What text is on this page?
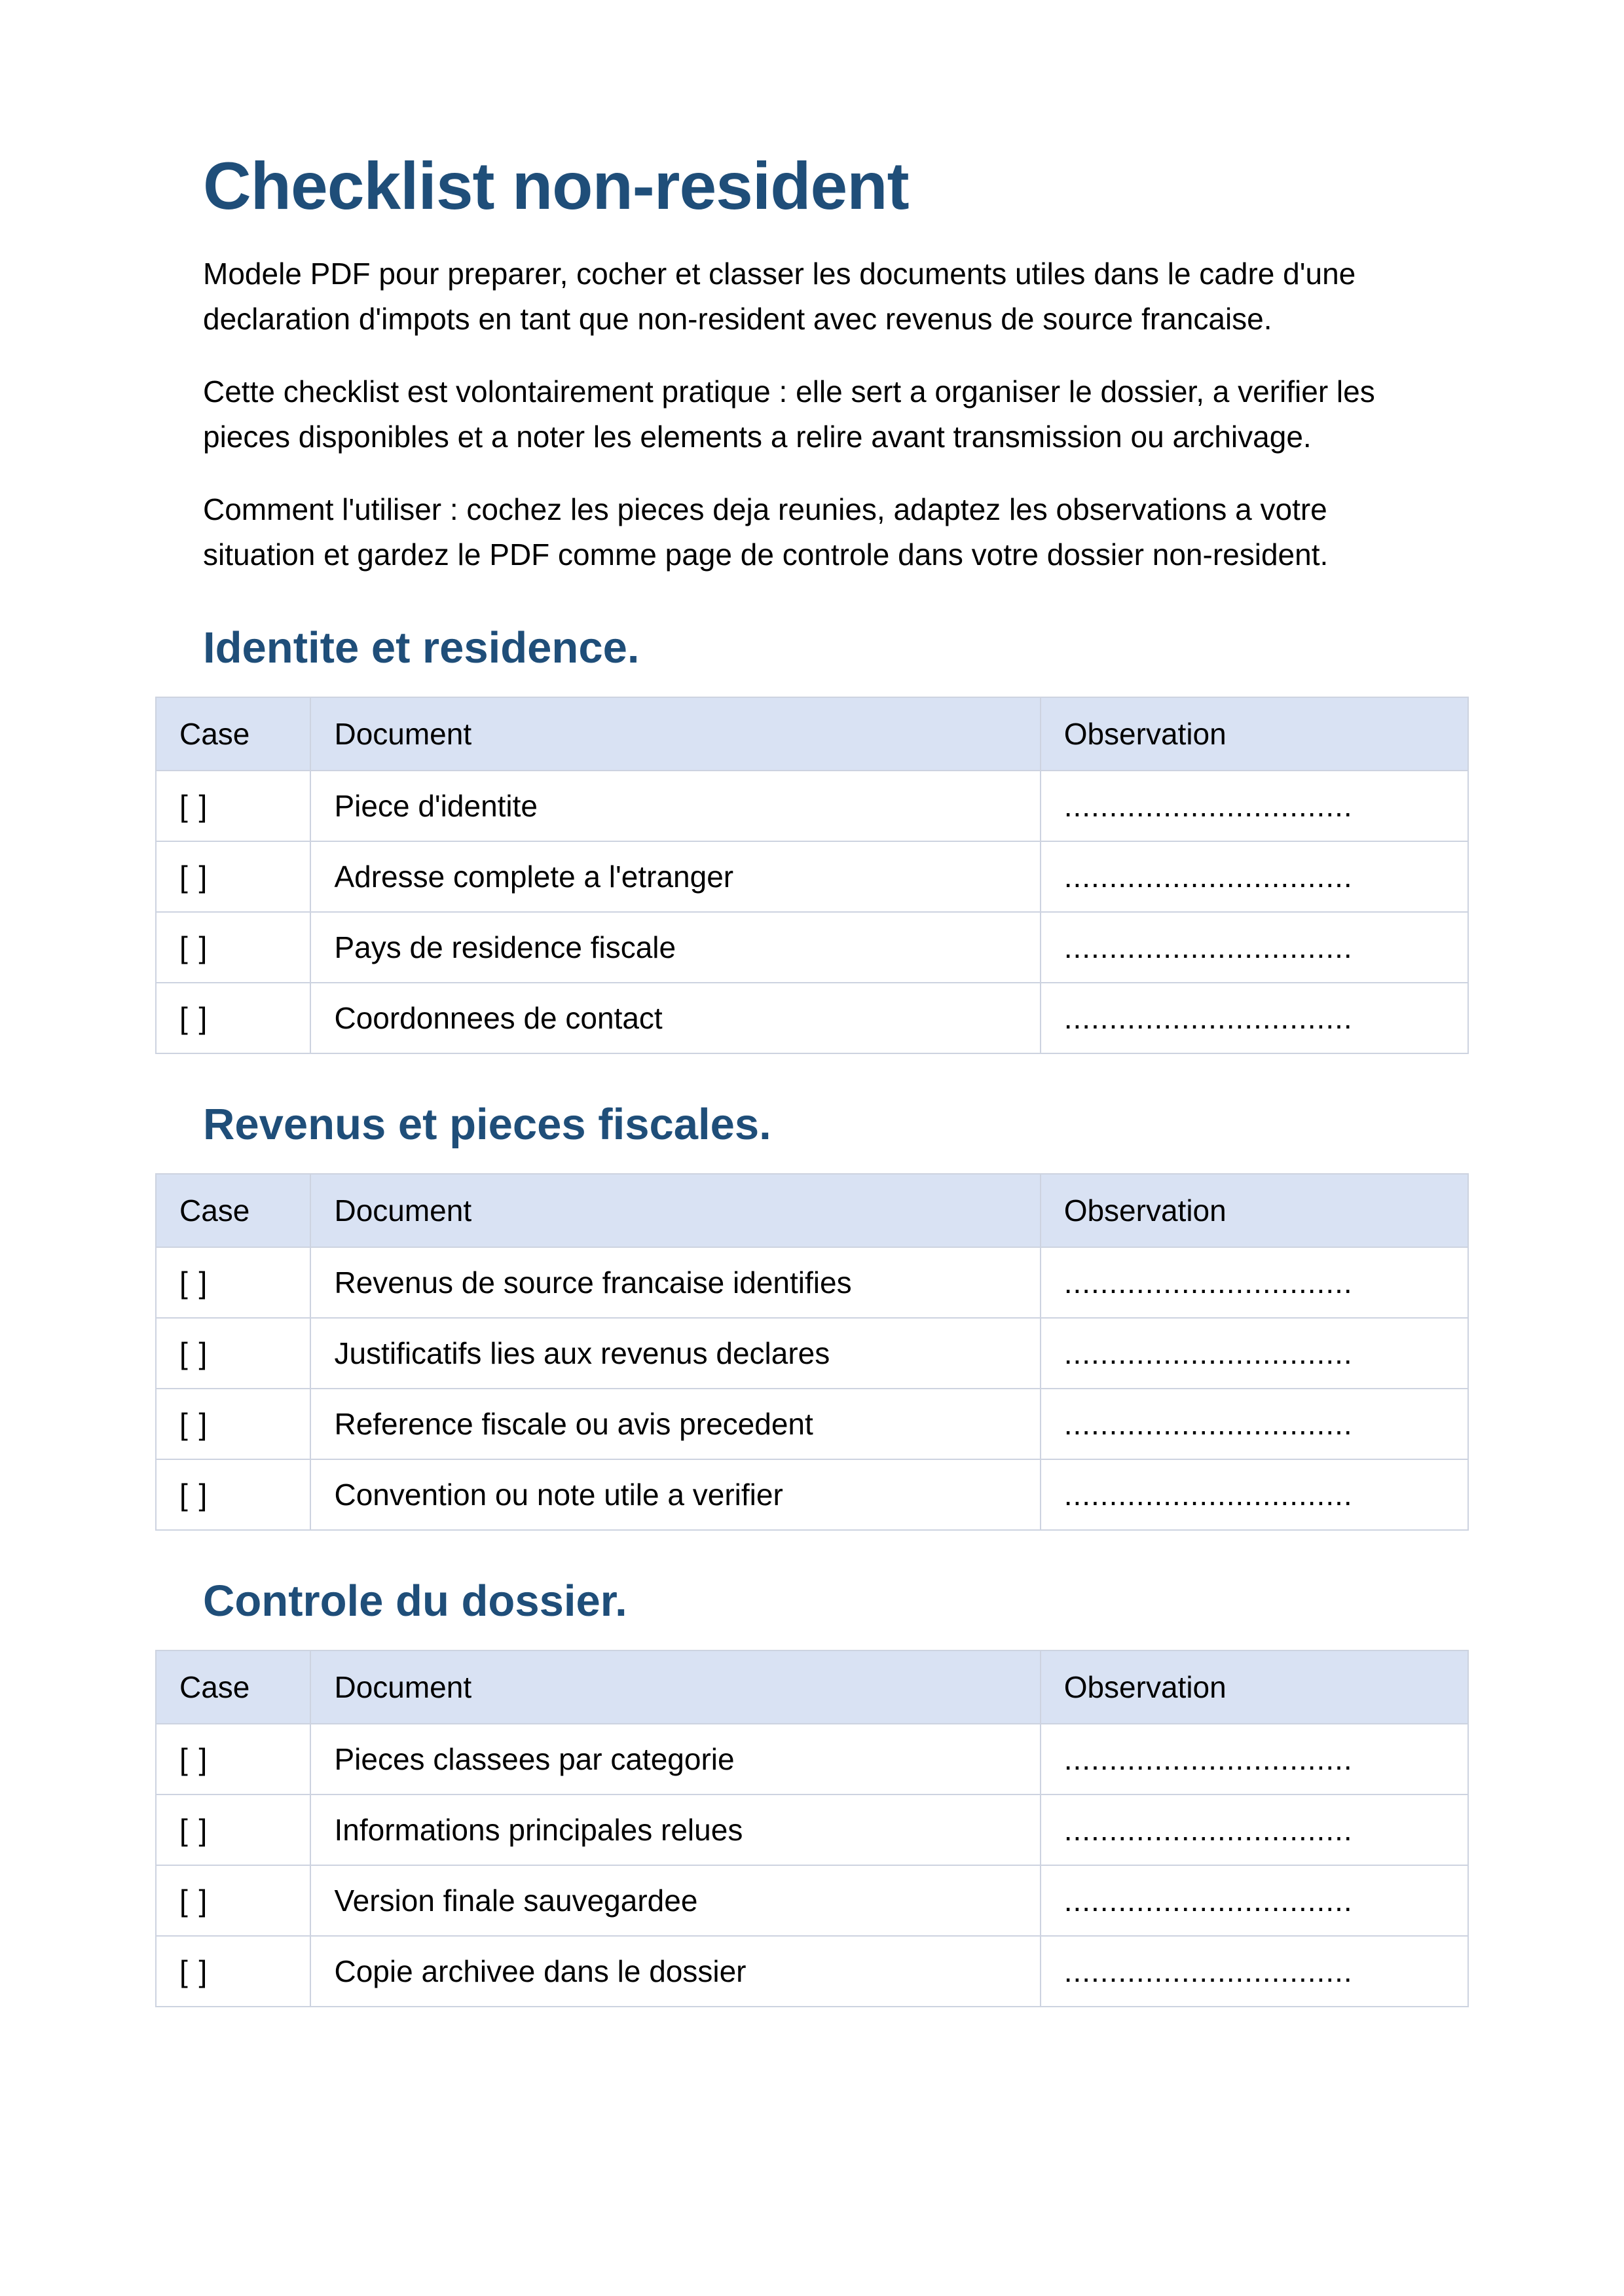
Checklist non-resident

Modele PDF pour preparer, cocher et classer les documents utiles dans le cadre d'une declaration d'impots en tant que non-resident avec revenus de source francaise.

Cette checklist est volontairement pratique : elle sert a organiser le dossier, a verifier les pieces disponibles et a noter les elements a relire avant transmission ou archivage.

Comment l'utiliser : cochez les pieces deja reunies, adaptez les observations a votre situation et gardez le PDF comme page de controle dans votre dossier non-resident.

Identite et residence.
Case	Document	Observation
[ ]	Piece d'identite	................................
[ ]	Adresse complete a l'etranger	................................
[ ]	Pays de residence fiscale	................................
[ ]	Coordonnees de contact	................................
Revenus et pieces fiscales.
Case	Document	Observation
[ ]	Revenus de source francaise identifies	................................
[ ]	Justificatifs lies aux revenus declares	................................
[ ]	Reference fiscale ou avis precedent	................................
[ ]	Convention ou note utile a verifier	................................
Controle du dossier.
Case	Document	Observation
[ ]	Pieces classees par categorie	................................
[ ]	Informations principales relues	................................
[ ]	Version finale sauvegardee	................................
[ ]	Copie archivee dans le dossier	................................
